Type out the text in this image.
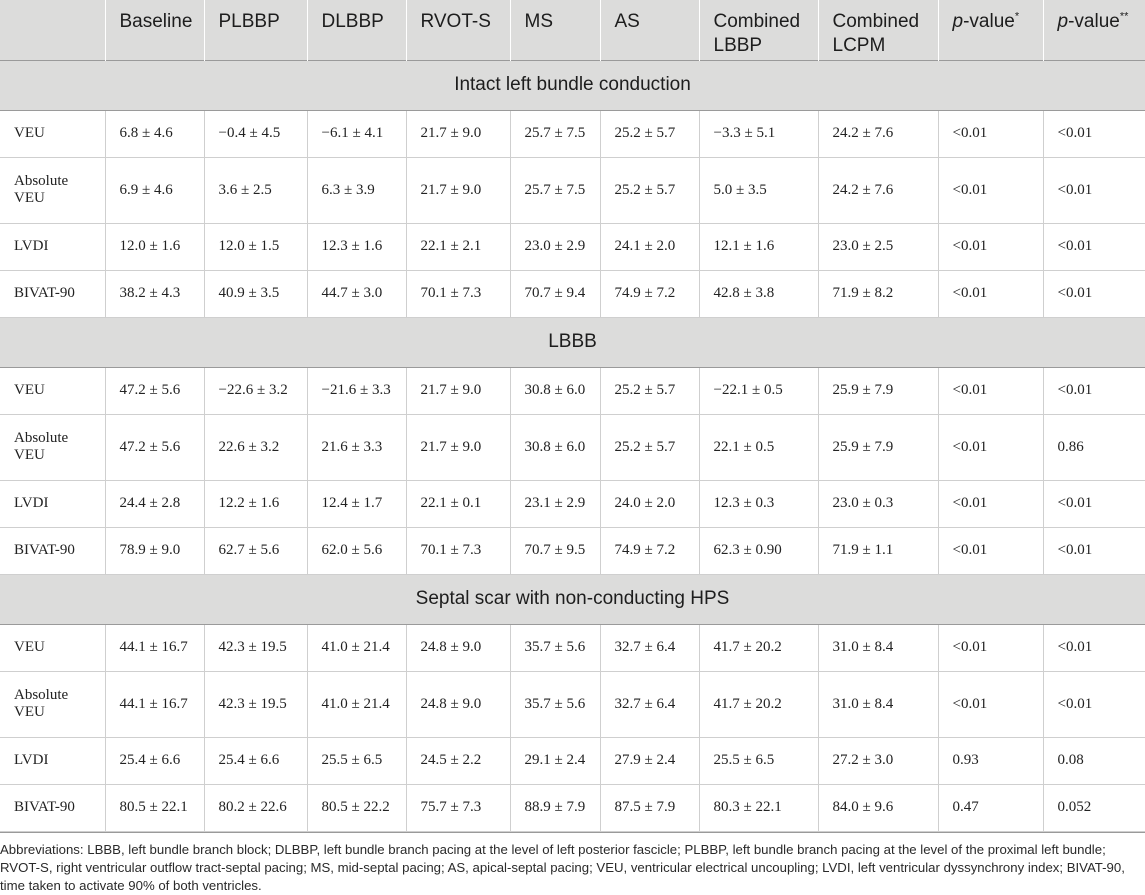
	Baseline	PLBBP	DLBBP	RVOT-S	MS	AS	Combined LBBP	Combined LCPM	p-value*	p-value**
Intact left bundle conduction										
VEU	6.8 ± 4.6	−0.4 ± 4.5	−6.1 ± 4.1	21.7 ± 9.0	25.7 ± 7.5	25.2 ± 5.7	−3.3 ± 5.1	24.2 ± 7.6	<0.01	<0.01
Absolute VEU	6.9 ± 4.6	3.6 ± 2.5	6.3 ± 3.9	21.7 ± 9.0	25.7 ± 7.5	25.2 ± 5.7	5.0 ± 3.5	24.2 ± 7.6	<0.01	<0.01
LVDI	12.0 ± 1.6	12.0 ± 1.5	12.3 ± 1.6	22.1 ± 2.1	23.0 ± 2.9	24.1 ± 2.0	12.1 ± 1.6	23.0 ± 2.5	<0.01	<0.01
BIVAT-90	38.2 ± 4.3	40.9 ± 3.5	44.7 ± 3.0	70.1 ± 7.3	70.7 ± 9.4	74.9 ± 7.2	42.8 ± 3.8	71.9 ± 8.2	<0.01	<0.01
LBBB										
VEU	47.2 ± 5.6	−22.6 ± 3.2	−21.6 ± 3.3	21.7 ± 9.0	30.8 ± 6.0	25.2 ± 5.7	−22.1 ± 0.5	25.9 ± 7.9	<0.01	<0.01
Absolute VEU	47.2 ± 5.6	22.6 ± 3.2	21.6 ± 3.3	21.7 ± 9.0	30.8 ± 6.0	25.2 ± 5.7	22.1 ± 0.5	25.9 ± 7.9	<0.01	0.86
LVDI	24.4 ± 2.8	12.2 ± 1.6	12.4 ± 1.7	22.1 ± 0.1	23.1 ± 2.9	24.0 ± 2.0	12.3 ± 0.3	23.0 ± 0.3	<0.01	<0.01
BIVAT-90	78.9 ± 9.0	62.7 ± 5.6	62.0 ± 5.6	70.1 ± 7.3	70.7 ± 9.5	74.9 ± 7.2	62.3 ± 0.90	71.9 ± 1.1	<0.01	<0.01
Septal scar with non-conducting HPS										
VEU	44.1 ± 16.7	42.3 ± 19.5	41.0 ± 21.4	24.8 ± 9.0	35.7 ± 5.6	32.7 ± 6.4	41.7 ± 20.2	31.0 ± 8.4	<0.01	<0.01
Absolute VEU	44.1 ± 16.7	42.3 ± 19.5	41.0 ± 21.4	24.8 ± 9.0	35.7 ± 5.6	32.7 ± 6.4	41.7 ± 20.2	31.0 ± 8.4	<0.01	<0.01
LVDI	25.4 ± 6.6	25.4 ± 6.6	25.5 ± 6.5	24.5 ± 2.2	29.1 ± 2.4	27.9 ± 2.4	25.5 ± 6.5	27.2 ± 3.0	0.93	0.08
BIVAT-90	80.5 ± 22.1	80.2 ± 22.6	80.5 ± 22.2	75.7 ± 7.3	88.9 ± 7.9	87.5 ± 7.9	80.3 ± 22.1	84.0 ± 9.6	0.47	0.052

Abbreviations: LBBB, left bundle branch block; DLBBP, left bundle branch pacing at the level of left posterior fascicle; PLBBP, left bundle branch pacing at the level of the proximal left bundle; RVOT-S, right ventricular outflow tract-septal pacing; MS, mid-septal pacing; AS, apical-septal pacing; VEU, ventricular electrical uncoupling; LVDI, left ventricular dyssynchrony index; BIVAT-90, time taken to activate 90% of both ventricles.
